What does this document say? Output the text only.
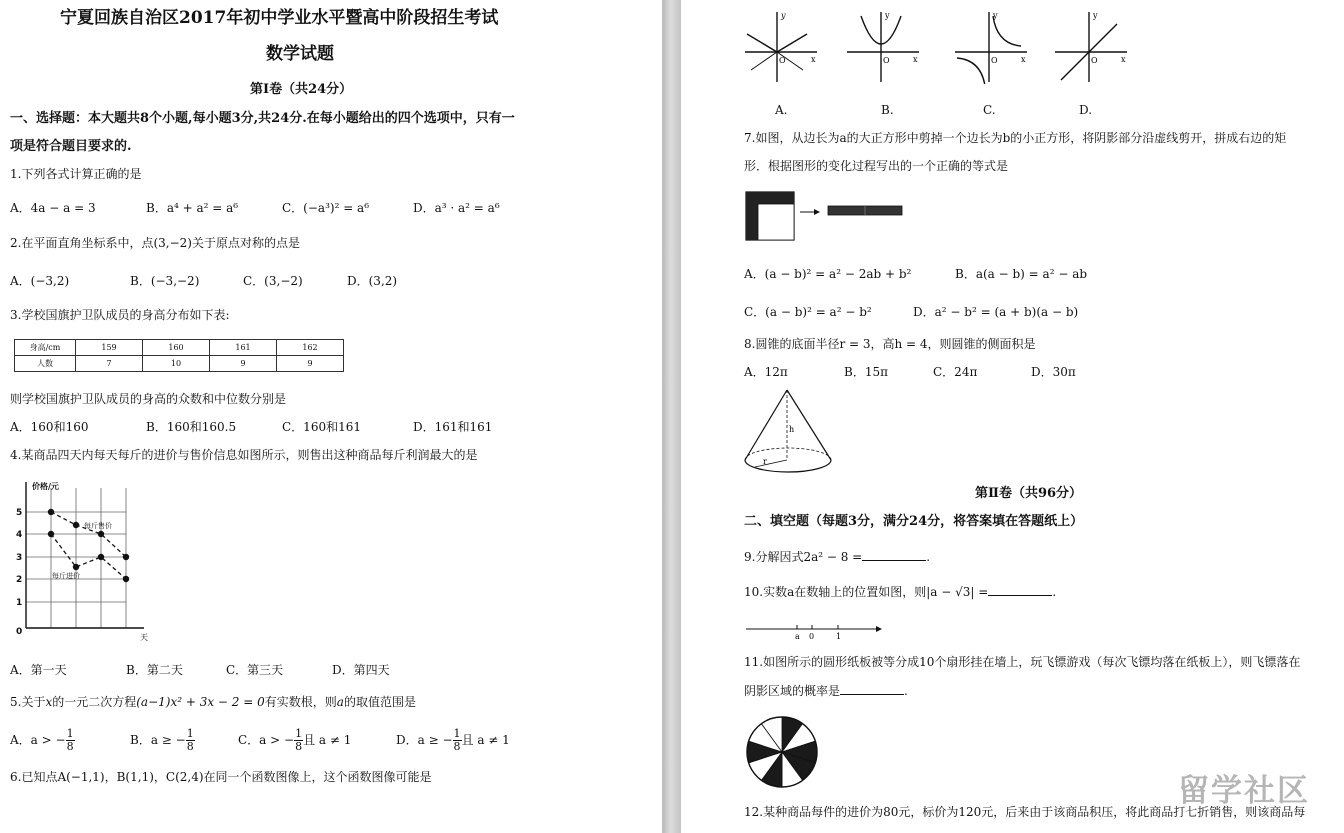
宁夏回族自治区2017年初中学业水平暨高中阶段招生考试
数学试题
第Ⅰ卷（共24分）
一、选择题：本大题共8个小题,每小题3分,共24分.在每小题给出的四个选项中，只有一
项是符合题目要求的.
1.下列各式计算正确的是
A．4a − a = 3	B．a⁴ + a² = a⁶	C．(−a³)² = a⁶	D．a³ · a² = a⁶
2.在平面直角坐标系中，点(3,−2)关于原点对称的点是
A．(−3,2)	B．(−3,−2)	C．(3,−2)	D．(3,2)
3.学校国旗护卫队成员的身高分布如下表:
身高/cm	159	160	161	162
人数	7	10	9	9
则学校国旗护卫队成员的身高的众数和中位数分别是
A．160和160	B．160和160.5	C．160和161	D．161和161
4.某商品四天内每天每斤的进价与售价信息如图所示，则售出这种商品每斤利润最大的是
5
4
3
2
1
0
价格/元
天
每斤售价
每斤进价
A．第一天	B．第二天	C．第三天	D．第四天
5.关于x的一元二次方程(a−1)x² + 3x − 2 = 0有实数根，则a的取值范围是
A．a > − $\frac{1}{8}$	B．a ≥ − $\frac{1}{8}$	C．a > − $\frac{1}{8}$ 且 a ≠ 1	D．a ≥ − $\frac{1}{8}$ 且 a ≠ 1
6.已知点A(−1,1)，B(1,1)，C(2,4)在同一个函数图像上，这个函数图像可能是
y
x
O
y
x
O
y
x
O
y
x
O
A.	B.	C.	D.
7.如图，从边长为a的大正方形中剪掉一个边长为b的小正方形，将阴影部分沿虚线剪开，拼成右边的矩
形．根据图形的变化过程写出的一个正确的等式是
A．(a − b)² = a² − 2ab + b²	B．a(a − b) = a² − ab
C．(a − b)² = a² − b²	D．a² − b² = (a + b)(a − b)
8.圆锥的底面半径r = 3，高h = 4，则圆锥的侧面积是
A．12π	B．15π	C．24π	D．30π
h
r
第Ⅱ卷（共96分）
二、填空题（每题3分，满分24分，将答案填在答题纸上）
9.分解因式2a² − 8 =	.
10.实数a在数轴上的位置如图，则|a − √3| =	.
a 0	1
11.如图所示的圆形纸板被等分成10个扇形挂在墙上，玩飞镖游戏（每次飞镖均落在纸板上），则飞镖落在
阴影区域的概率是	.
12.某种商品每件的进价为80元，标价为120元，后来由于该商品积压，将此商品打七折销售，则该商品每
留学社区
